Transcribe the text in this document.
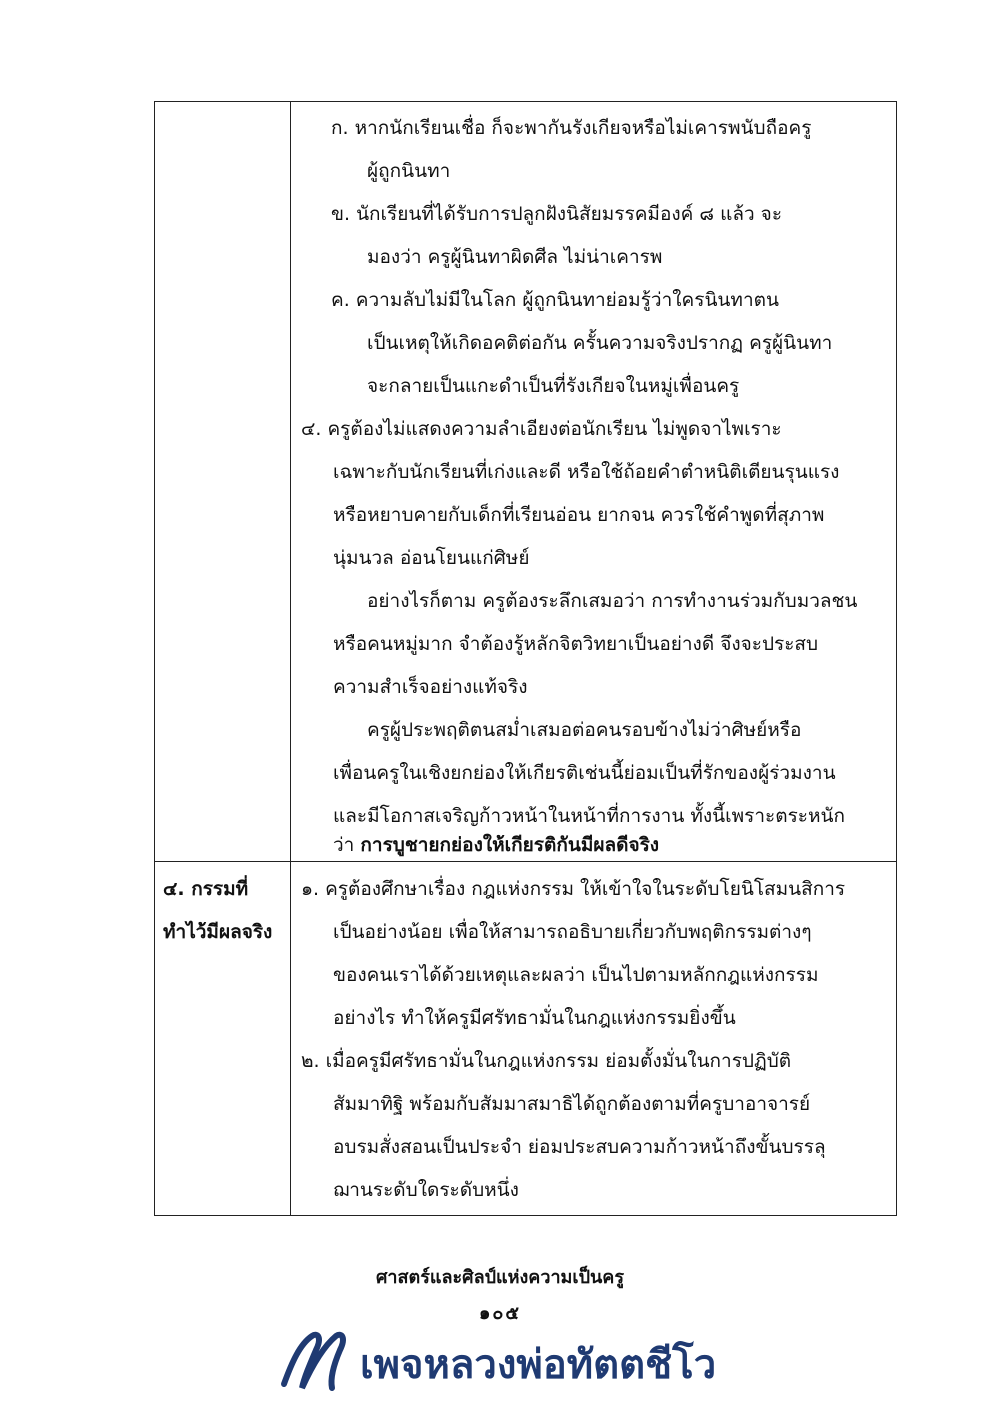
ก. หากนักเรียนเชื่อ ก็จะพากันรังเกียจหรือไม่เคารพนับถือครู
ผู้ถูกนินทา
ข. นักเรียนที่ได้รับการปลูกฝังนิสัยมรรคมีองค์ ๘ แล้ว จะ
มองว่า ครูผู้นินทาผิดศีล ไม่น่าเคารพ
ค. ความลับไม่มีในโลก ผู้ถูกนินทาย่อมรู้ว่าใครนินทาตน
เป็นเหตุให้เกิดอคติต่อกัน ครั้นความจริงปรากฏ ครูผู้นินทา
จะกลายเป็นแกะดำเป็นที่รังเกียจในหมู่เพื่อนครู
๔. ครูต้องไม่แสดงความลำเอียงต่อนักเรียน ไม่พูดจาไพเราะ
เฉพาะกับนักเรียนที่เก่งและดี หรือใช้ถ้อยคำตำหนิติเตียนรุนแรง
หรือหยาบคายกับเด็กที่เรียนอ่อน ยากจน ควรใช้คำพูดที่สุภาพ
นุ่มนวล อ่อนโยนแก่ศิษย์
อย่างไรก็ตาม ครูต้องระลึกเสมอว่า การทำงานร่วมกับมวลชน
หรือคนหมู่มาก จำต้องรู้หลักจิตวิทยาเป็นอย่างดี จึงจะประสบ
ความสำเร็จอย่างแท้จริง
ครูผู้ประพฤติตนสม่ำเสมอต่อคนรอบข้างไม่ว่าศิษย์หรือ
เพื่อนครูในเชิงยกย่องให้เกียรติเช่นนี้ย่อมเป็นที่รักของผู้ร่วมงาน
และมีโอกาสเจริญก้าวหน้าในหน้าที่การงาน ทั้งนี้เพราะตระหนัก
ว่า การบูชายกย่องให้เกียรติกันมีผลดีจริง
๔. กรรมที่
ทำไว้มีผลจริง
๑. ครูต้องศึกษาเรื่อง กฎแห่งกรรม ให้เข้าใจในระดับโยนิโสมนสิการ
เป็นอย่างน้อย เพื่อให้สามารถอธิบายเกี่ยวกับพฤติกรรมต่างๆ
ของคนเราได้ด้วยเหตุและผลว่า เป็นไปตามหลักกฎแห่งกรรม
อย่างไร ทำให้ครูมีศรัทธามั่นในกฎแห่งกรรมยิ่งขึ้น
๒. เมื่อครูมีศรัทธามั่นในกฎแห่งกรรม ย่อมตั้งมั่นในการปฏิบัติ
สัมมาทิฐิ พร้อมกับสัมมาสมาธิได้ถูกต้องตามที่ครูบาอาจารย์
อบรมสั่งสอนเป็นประจำ ย่อมประสบความก้าวหน้าถึงขั้นบรรลุ
ฌานระดับใดระดับหนึ่ง
ศาสตร์และศิลป์แห่งความเป็นครู
๑๐๕
เพจหลวงพ่อทัตตชีโว
